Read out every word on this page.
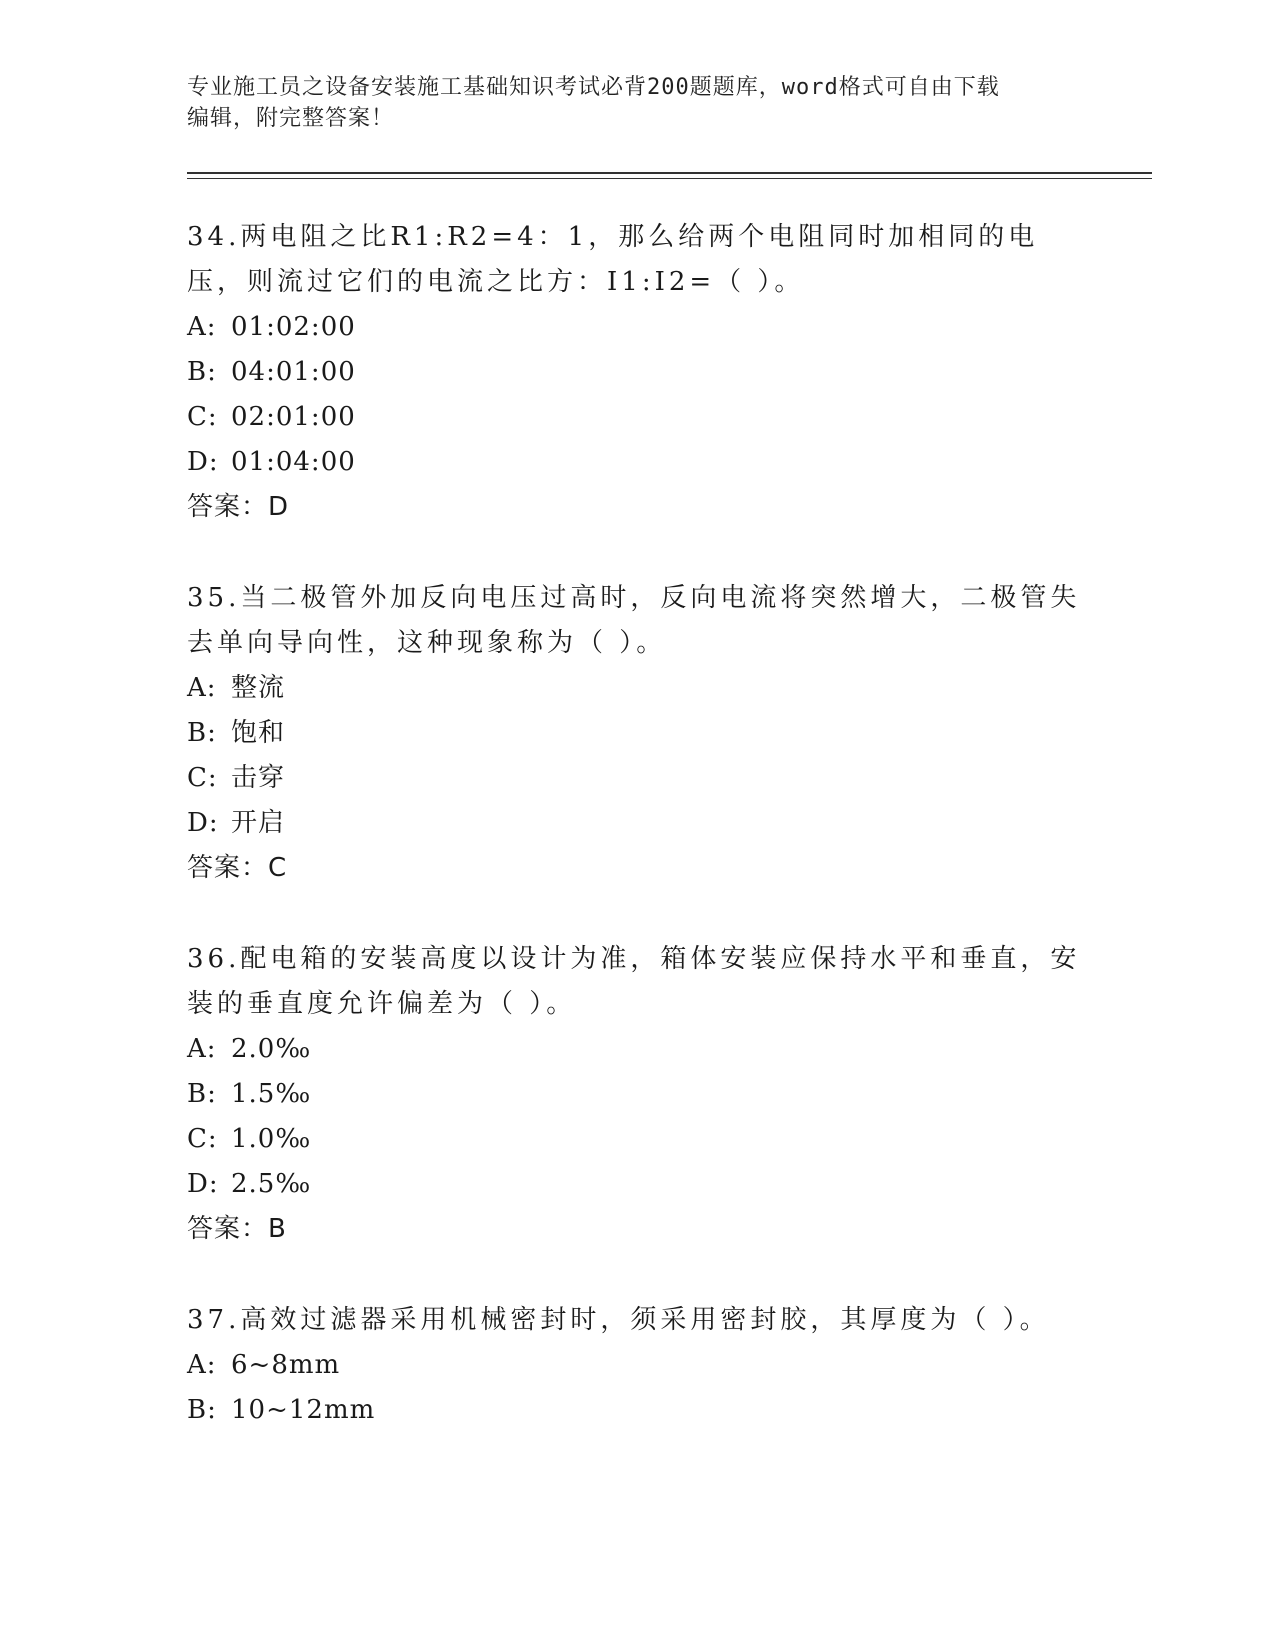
专业施工员之设备安装施工基础知识考试必背200题题库，word格式可自由下载
编辑，附完整答案！
34.两电阻之比R1:R2=4：1，那么给两个电阻同时加相同的电压，则流过它们的电流之比方：I1:I2=（ ）。
A: 01:02:00
B: 04:01:00
C: 02:01:00
D: 01:04:00
答案：D
35.当二极管外加反向电压过高时，反向电流将突然增大，二极管失去单向导向性，这种现象称为（ ）。
A: 整流
B: 饱和
C: 击穿
D: 开启
答案：C
36.配电箱的安装高度以设计为准，箱体安装应保持水平和垂直，安装的垂直度允许偏差为（ ）。
A: 2.0‰
B: 1.5‰
C: 1.0‰
D: 2.5‰
答案：B
37.高效过滤器采用机械密封时，须采用密封胶，其厚度为（ ）。
A: 6~8mm
B: 10~12mm
